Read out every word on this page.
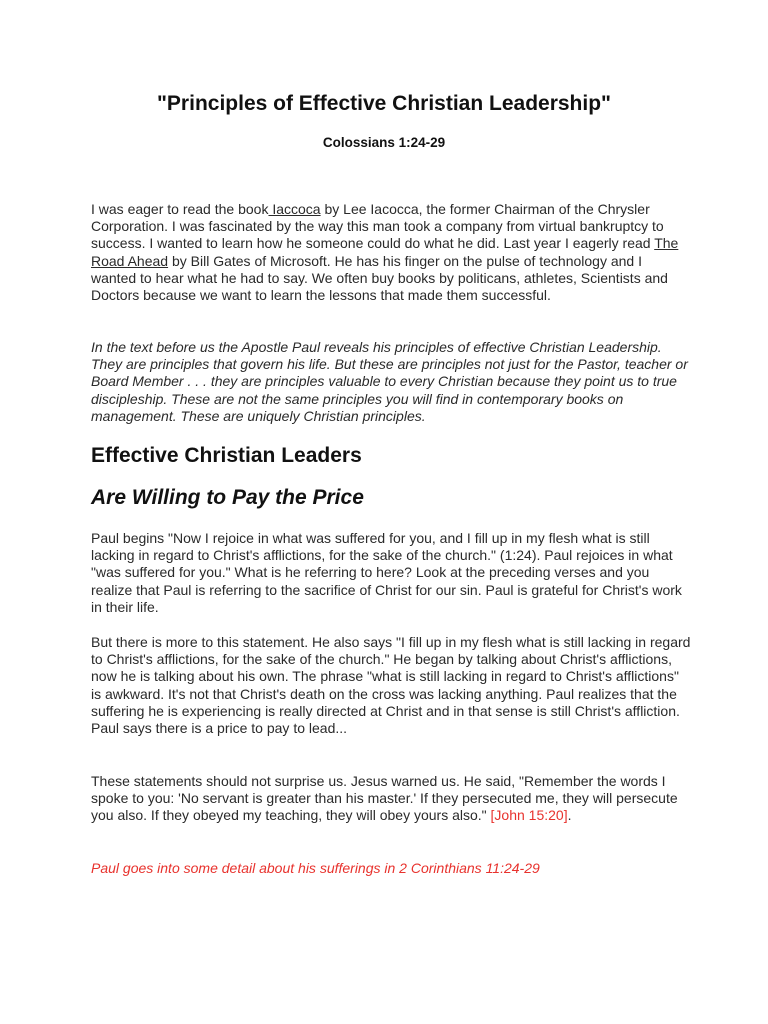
"Principles of Effective Christian Leadership"
Colossians 1:24-29

I was eager to read the book Iaccoca by Lee Iacocca, the former Chairman of the Chrysler Corporation. I was fascinated by the way this man took a company from virtual bankruptcy to success. I wanted to learn how he someone could do what he did. Last year I eagerly read The Road Ahead by Bill Gates of Microsoft. He has his finger on the pulse of technology and I wanted to hear what he had to say. We often buy books by politicans, athletes, Scientists and Doctors because we want to learn the lessons that made them successful.

In the text before us the Apostle Paul reveals his principles of effective Christian Leadership. They are principles that govern his life. But these are principles not just for the Pastor, teacher or Board Member . . . they are principles valuable to every Christian because they point us to true discipleship. These are not the same principles you will find in contemporary books on management. These are uniquely Christian principles.

Effective Christian Leaders
Are Willing to Pay the Price

Paul begins "Now I rejoice in what was suffered for you, and I fill up in my flesh what is still lacking in regard to Christ's afflictions, for the sake of the church." (1:24). Paul rejoices in what "was suffered for you." What is he referring to here? Look at the preceding verses and you realize that Paul is referring to the sacrifice of Christ for our sin. Paul is grateful for Christ's work in their life.

But there is more to this statement. He also says "I fill up in my flesh what is still lacking in regard to Christ's afflictions, for the sake of the church." He began by talking about Christ's afflictions, now he is talking about his own. The phrase "what is still lacking in regard to Christ's afflictions" is awkward. It's not that Christ's death on the cross was lacking anything. Paul realizes that the suffering he is experiencing is really directed at Christ and in that sense is still Christ's affliction. Paul says there is a price to pay to lead...

These statements should not surprise us. Jesus warned us. He said, "Remember the words I spoke to you: 'No servant is greater than his master.' If they persecuted me, they will persecute you also. If they obeyed my teaching, they will obey yours also." [John 15:20].

Paul goes into some detail about his sufferings in 2 Corinthians 11:24-29
